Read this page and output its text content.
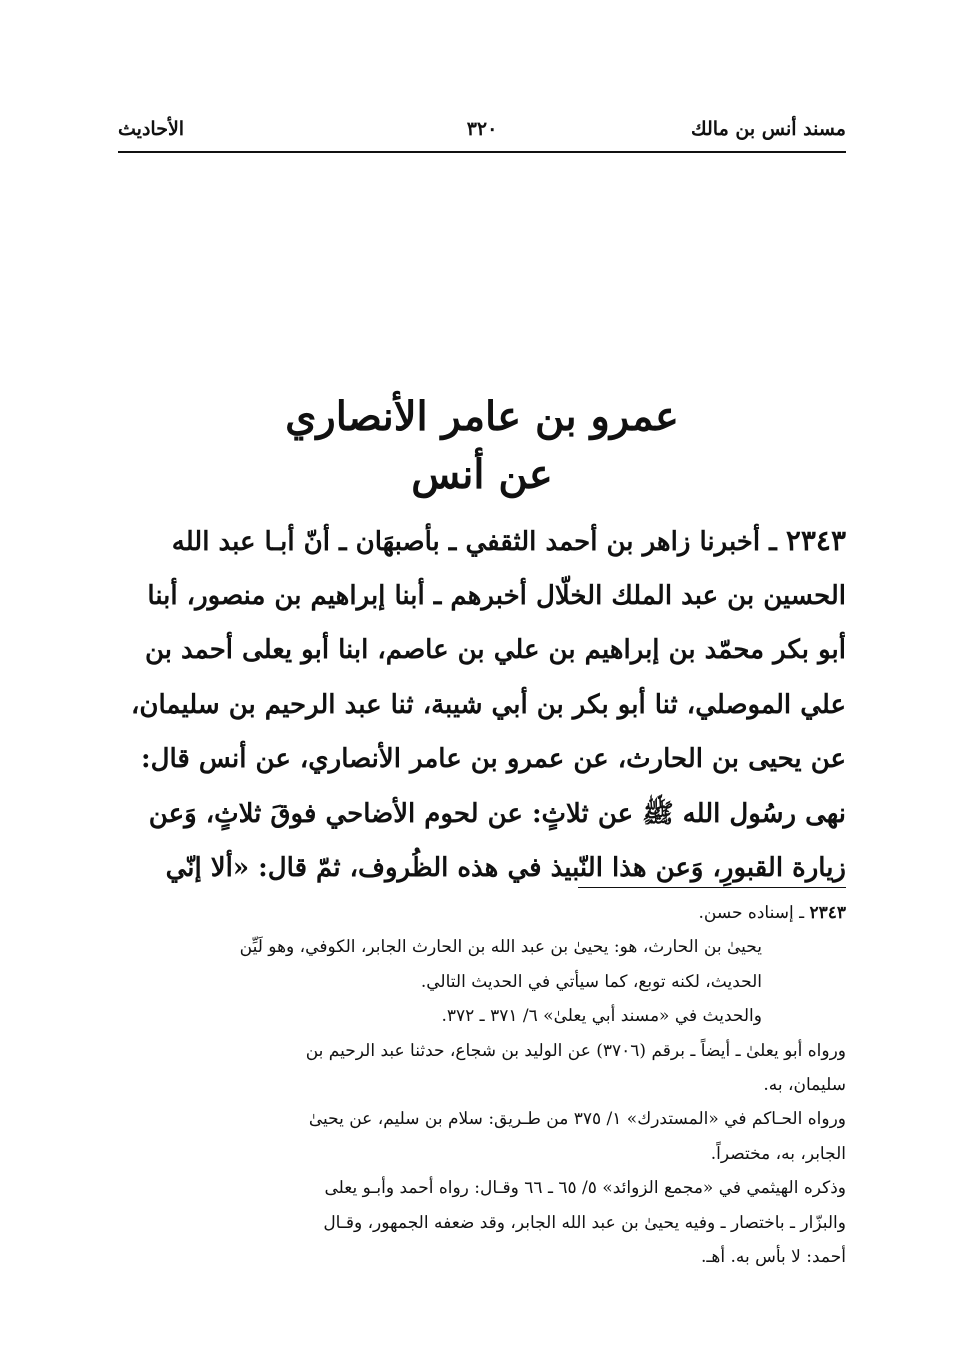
مسند أنس بن مالك
٣٢٠
الأحاديث
عمرو بن عامر الأنصاري
عن أنس
٢٣٤٣ ـ أخبرنا زاهر بن أحمد الثقفي ـ بأصبهَان ـ أنّ أبـا عبد الله
الحسين بن عبد الملك الخلّال أخبرهم ـ أبنا إبراهيم بن منصور، أبنا
أبو بكر محمّد بن إبراهيم بن علي بن عاصم، ابنا أبو يعلى أحمد بن
علي الموصلي، ثنا أبو بكر بن أبي شيبة، ثنا عبد الرحيم بن سليمان،
عن يحيى بن الحارث، عن عمرو بن عامر الأنصاري، عن أنس قال:
نهى رسُول الله ﷺ عن ثلاثٍ: عن لحوم الأضاحي فوقَ ثلاثٍ، وَعن
زيارة القبورِ، وَعن هذا النّبيذ في هذه الظُروف، ثمّ قال: «ألا إنّي
٢٣٤٣ ـ إسناده حسن.
يحيىٰ بن الحارث، هو: يحيىٰ بن عبد الله بن الحارث الجابر، الكوفي، وهو لَيِّن
الحديث، لكنه توبع، كما سيأتي في الحديث التالي.
والحديث في «مسند أبي يعلىٰ» ٦/ ٣٧١ ـ ٣٧٢.
ورواه أبو يعلىٰ ـ أيضاً ـ برقم (٣٧٠٦) عن الوليد بن شجاع، حدثنا عبد الرحيم بن
سليمان، به.
ورواه الحـاكم في «المستدرك» ١/ ٣٧٥ من طـريق: سلام بن سليم، عن يحيىٰ
الجابر، به، مختصراً.
وذكره الهيثمي في «مجمع الزوائد» ٥/ ٦٥ ـ ٦٦ وقـال: رواه أحمد وأبـو يعلى
والبزّار ـ باختصار ـ وفيه يحيىٰ بن عبد الله الجابر، وقد ضعفه الجمهور، وقـال
أحمد: لا بأس به. أهـ.
